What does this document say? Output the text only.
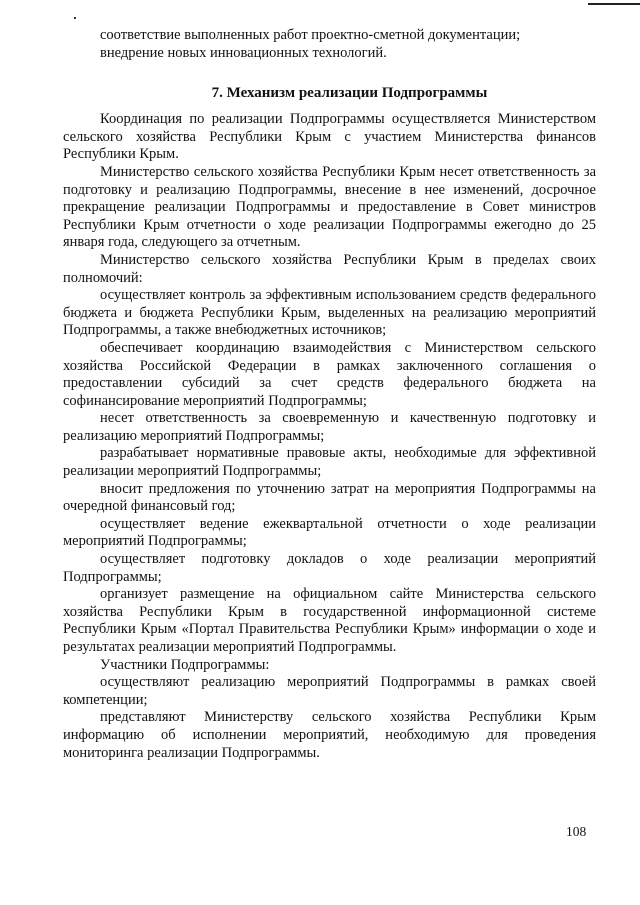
соответствие выполненных работ проектно-сметной документации;

внедрение новых инновационных технологий.

7. Механизм реализации Подпрограммы

Координация по реализации Подпрограммы осуществляется Министерством сельского хозяйства Республики Крым с участием Министерства финансов Республики Крым.

Министерство сельского хозяйства Республики Крым несет ответственность за подготовку и реализацию Подпрограммы, внесение в нее изменений, досрочное прекращение реализации Подпрограммы и предоставление в Совет министров Республики Крым отчетности о ходе реализации Подпрограммы ежегодно до 25 января года, следующего за отчетным.

Министерство сельского хозяйства Республики Крым в пределах своих полномочий:

осуществляет контроль за эффективным использованием средств федерального бюджета и бюджета Республики Крым, выделенных на реализацию мероприятий Подпрограммы, а также внебюджетных источников;

обеспечивает координацию взаимодействия с Министерством сельского хозяйства Российской Федерации в рамках заключенного соглашения о предоставлении субсидий за счет средств федерального бюджета на софинансирование мероприятий Подпрограммы;

несет ответственность за своевременную и качественную подготовку и реализацию мероприятий Подпрограммы;

разрабатывает нормативные правовые акты, необходимые для эффективной реализации мероприятий Подпрограммы;

вносит предложения по уточнению затрат на мероприятия Подпрограммы на очередной финансовый год;

осуществляет ведение ежеквартальной отчетности о ходе реализации мероприятий Подпрограммы;

осуществляет подготовку докладов о ходе реализации мероприятий Подпрограммы;

организует размещение на официальном сайте Министерства сельского хозяйства Республики Крым в государственной информационной системе Республики Крым «Портал Правительства Республики Крым» информации о ходе и результатах реализации мероприятий Подпрограммы.

Участники Подпрограммы:

осуществляют реализацию мероприятий Подпрограммы в рамках своей компетенции;

представляют Министерству сельского хозяйства Республики Крым информацию об исполнении мероприятий, необходимую для проведения мониторинга реализации Подпрограммы.

108
